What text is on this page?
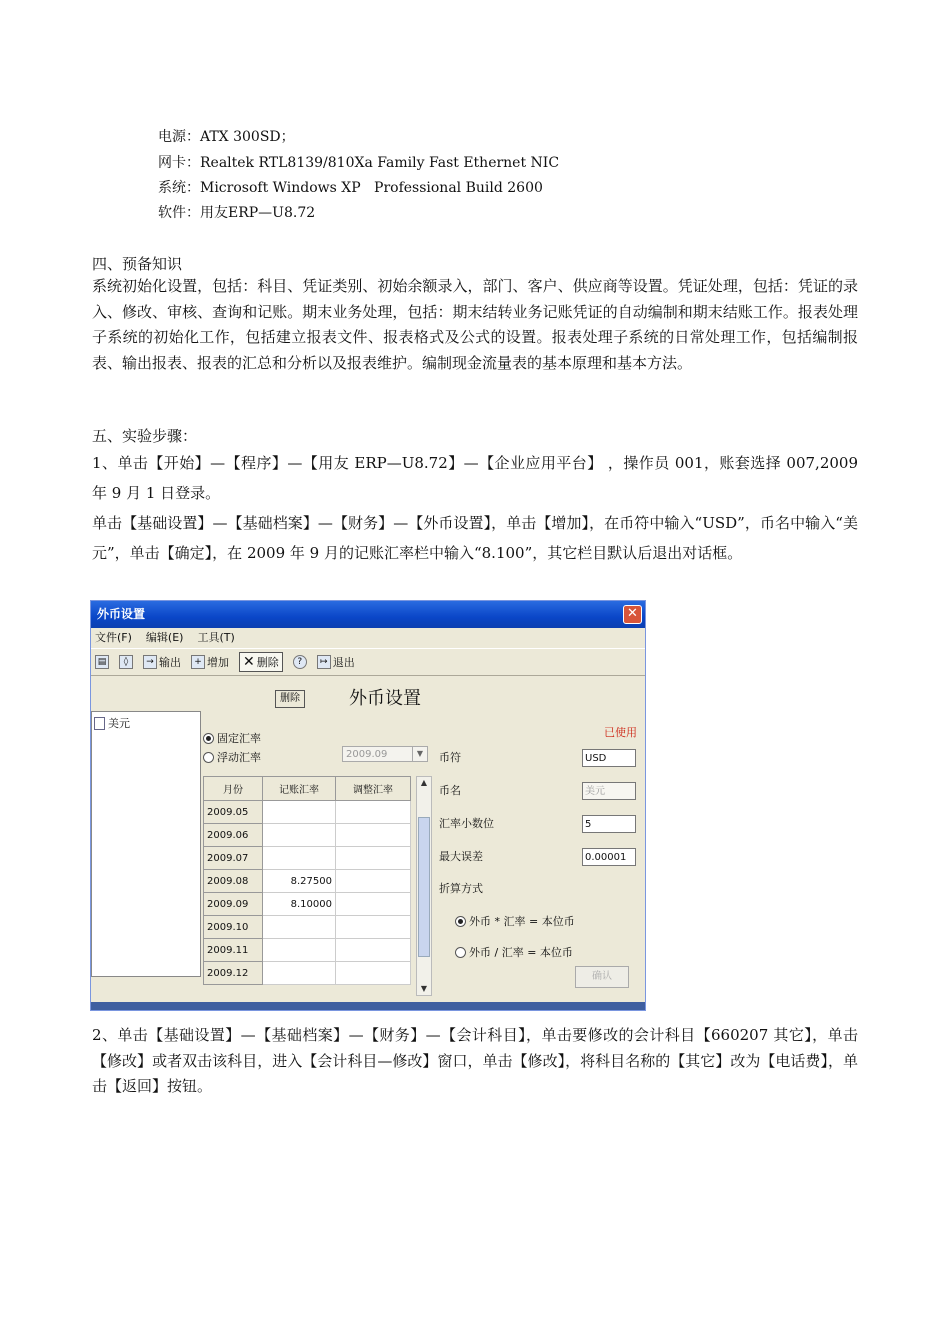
电源：ATX 300SD；
网卡：Realtek RTL8139/810Xa Family Fast Ethernet NIC
系统：Microsoft Windows XP   Professional Build 2600
软件：用友ERP—U8.72
四、预备知识
系统初始化设置，包括：科目、凭证类别、初始余额录入，部门、客户、供应商等设置。凭证处理，包括：凭证的录入、修改、审核、查询和记账。期末业务处理，包括：期末结转业务记账凭证的自动编制和期末结账工作。报表处理子系统的初始化工作，包括建立报表文件、报表格式及公式的设置。报表处理子系统的日常处理工作，包括编制报表、输出报表、报表的汇总和分析以及报表维护。编制现金流量表的基本原理和基本方法。
五、实验步骤：
1、单击【开始】—【程序】—【用友 ERP—U8.72】—【企业应用平台】 ，操作员 001，账套选择 007,2009 年 9 月 1 日登录。
单击【基础设置】—【基础档案】—【财务】—【外币设置】，单击【增加】，在币符中输入“USD”，币名中输入“美元”，单击【确定】，在 2009 年 9 月的记账汇率栏中输入“8.100”，其它栏目默认后退出对话框。
外币设置	✕
文件(F) 编辑(E) 工具(T)
▤	◊	→ 输出	+ 增加 ✕ 删除	?	↦ 退出
删除	外币设置
美元
固定汇率
浮动汇率	2009.09	▼
月份	记账汇率	调整汇率
2009.05		
2009.06		
2009.07		
2009.08	8.27500	
2009.09	8.10000	
2009.10		
2009.11		
2009.12		
▲
▼
已使用
币符	USD
币名	美元
汇率小数位	5
最大误差	0.00001
折算方式
外币 * 汇率 = 本位币
外币 / 汇率 = 本位币
确认
2、单击【基础设置】—【基础档案】—【财务】—【会计科目】，单击要修改的会计科目【660207 其它】，单击【修改】或者双击该科目，进入【会计科目—修改】窗口，单击【修改】，将科目名称的【其它】改为【电话费】，单击【返回】按钮。
